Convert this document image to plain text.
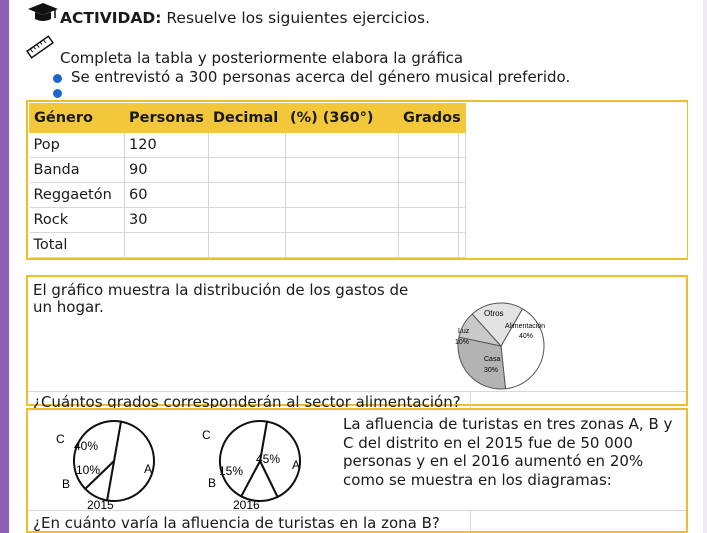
ACTIVIDAD: Resuelve los siguientes ejercicios.
Completa la tabla y posteriormente elabora la gráfica
Se entrevistó a 300 personas acerca del género musical preferido.
Género	Personas	Decimal	(%) (360°)	Grados
Pop	120			
Banda	90			
Reggaetón	60			
Rock	30			
Total				
El gráfico muestra la distribución de los gastos de un hogar.
¿Cuántos grados corresponderán al sector alimentación?
Otros
Luz
10%
Alimentación
40%
Casa
30%
La afluencia de turistas en tres zonas A, B y C del distrito en el 2015 fue de 50 000 personas y en el 2016 aumentó en 20% como se muestra en los diagramas:
¿En cuánto varía la afluencia de turistas en la zona B?
C 40%
A
10%
B
2015
C
45% A
15%
B
2016
